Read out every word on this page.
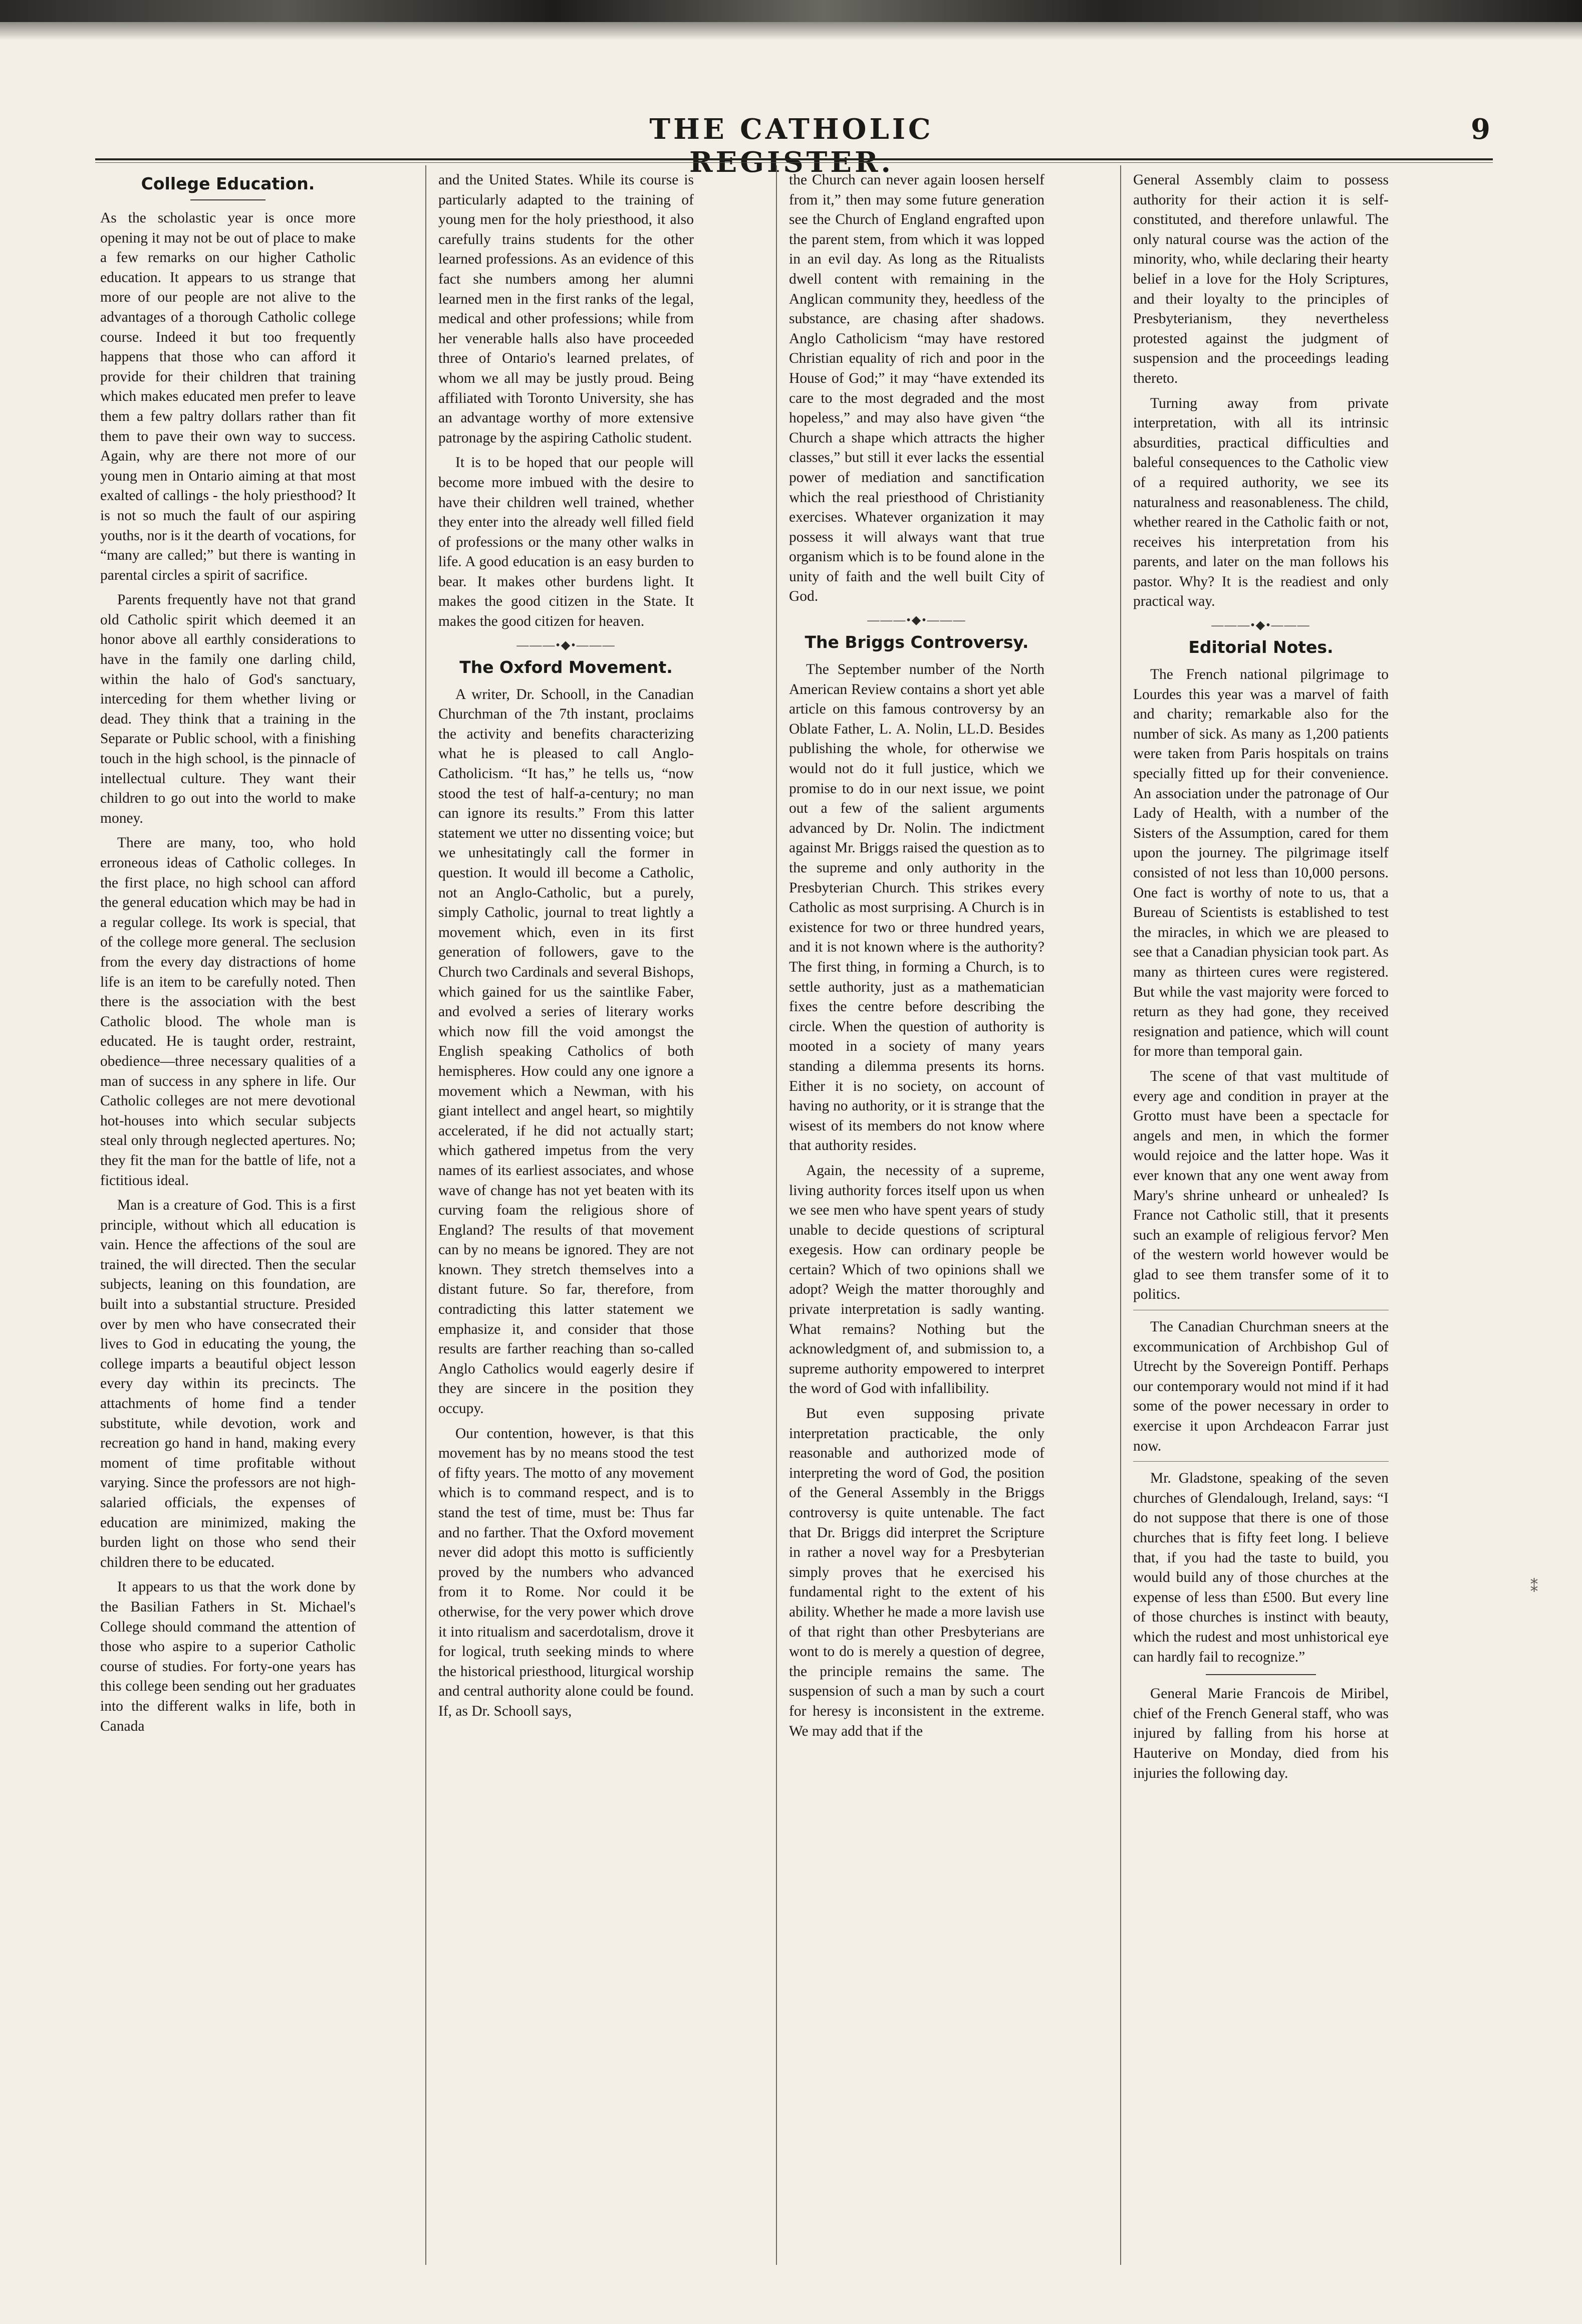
THE CATHOLIC	9
College Education.

As the scholastic year is once more opening it may not be out of place to make a few remarks on our higher Catholic education. It appears to us strange that more of our people are not alive to the advantages of a thorough Catholic college course. Indeed it but too frequently happens that those who can afford it provide for their children that training which makes educated men prefer to leave them a few paltry dollars rather than fit them to pave their own way to success. Again, why are there not more of our young men in Ontario aiming at that most exalted of callings - the holy priesthood? It is not so much the fault of our aspiring youths, nor is it the dearth of vocations, for “many are called;” but there is wanting in parental circles a spirit of sacrifice.

Parents frequently have not that grand old Catholic spirit which deemed it an honor above all earthly considerations to have in the family one darling child, within the halo of God's sanctuary, interceding for them whether living or dead. They think that a training in the Separate or Public school, with a finishing touch in the high school, is the pinnacle of intellectual culture. They want their children to go out into the world to make money.

There are many, too, who hold erroneous ideas of Catholic colleges. In the first place, no high school can afford the general education which may be had in a regular college. Its work is special, that of the college more general. The seclusion from the every day distractions of home life is an item to be carefully noted. Then there is the association with the best Catholic blood. The whole man is educated. He is taught order, restraint, obedience—three necessary qualities of a man of success in any sphere in life. Our Catholic colleges are not mere devotional hot-houses into which secular subjects steal only through neglected apertures. No; they fit the man for the battle of life, not a fictitious ideal.

Man is a creature of God. This is a first principle, without which all education is vain. Hence the affections of the soul are trained, the will directed. Then the secular subjects, leaning on this foundation, are built into a substantial structure. Presided over by men who have consecrated their lives to God in educating the young, the college imparts a beautiful object lesson every day within its precincts. The attachments of home find a tender substitute, while devotion, work and recreation go hand in hand, making every moment of time profitable without varying. Since the professors are not high-salaried officials, the expenses of education are minimized, making the burden light on those who send their children there to be educated.

It appears to us that the work done by the Basilian Fathers in St. Michael's College should command the attention of those who aspire to a superior Catholic course of studies. For forty-one years has this college been sending out her graduates into the different walks in life, both in Canada

and the United States. While its course is particularly adapted to the training of young men for the holy priesthood, it also carefully trains students for the other learned professions. As an evidence of this fact she numbers among her alumni learned men in the first ranks of the legal, medical and other professions; while from her venerable halls also have proceeded three of Ontario's learned prelates, of whom we all may be justly proud. Being affiliated with Toronto University, she has an advantage worthy of more extensive patronage by the aspiring Catholic student.

It is to be hoped that our people will become more imbued with the desire to have their children well trained, whether they enter into the already well filled field of professions or the many other walks in life. A good education is an easy burden to bear. It makes other burdens light. It makes the good citizen in the State. It makes the good citizen for heaven.

———•◆•———
The Oxford Movement.

A writer, Dr. Schooll, in the Canadian Churchman of the 7th instant, proclaims the activity and benefits characterizing what he is pleased to call Anglo-Catholicism. “It has,” he tells us, “now stood the test of half-a-century; no man can ignore its results.” From this latter statement we utter no dissenting voice; but we unhesitatingly call the former in question. It would ill become a Catholic, not an Anglo-Catholic, but a purely, simply Catholic, journal to treat lightly a movement which, even in its first generation of followers, gave to the Church two Cardinals and several Bishops, which gained for us the saintlike Faber, and evolved a series of literary works which now fill the void amongst the English speaking Catholics of both hemispheres. How could any one ignore a movement which a Newman, with his giant intellect and angel heart, so mightily accelerated, if he did not actually start; which gathered impetus from the very names of its earliest associates, and whose wave of change has not yet beaten with its curving foam the religious shore of England? The results of that movement can by no means be ignored. They are not known. They stretch themselves into a distant future. So far, therefore, from contradicting this latter statement we emphasize it, and consider that those results are farther reaching than so-called Anglo Catholics would eagerly desire if they are sincere in the position they occupy.

Our contention, however, is that this movement has by no means stood the test of fifty years. The motto of any movement which is to command respect, and is to stand the test of time, must be: Thus far and no farther. That the Oxford movement never did adopt this motto is sufficiently proved by the numbers who advanced from it to Rome. Nor could it be otherwise, for the very power which drove it into ritualism and sacerdotalism, drove it for logical, truth seeking minds to where the historical priesthood, liturgical worship and central authority alone could be found. If, as Dr. Schooll says,

the Church can never again loosen herself from it,” then may some future generation see the Church of England engrafted upon the parent stem, from which it was lopped in an evil day. As long as the Ritualists dwell content with remaining in the Anglican community they, heedless of the substance, are chasing after shadows. Anglo Catholicism “may have restored Christian equality of rich and poor in the House of God;” it may “have extended its care to the most degraded and the most hopeless,” and may also have given “the Church a shape which attracts the higher classes,” but still it ever lacks the essential power of mediation and sanctification which the real priesthood of Christianity exercises. Whatever organization it may possess it will always want that true organism which is to be found alone in the unity of faith and the well built City of God.

———•◆•———
The Briggs Controversy.

The September number of the North American Review contains a short yet able article on this famous controversy by an Oblate Father, L. A. Nolin, LL.D. Besides publishing the whole, for otherwise we would not do it full justice, which we promise to do in our next issue, we point out a few of the salient arguments advanced by Dr. Nolin. The indictment against Mr. Briggs raised the question as to the supreme and only authority in the Presbyterian Church. This strikes every Catholic as most surprising. A Church is in existence for two or three hundred years, and it is not known where is the authority? The first thing, in forming a Church, is to settle authority, just as a mathematician fixes the centre before describing the circle. When the question of authority is mooted in a society of many years standing a dilemma presents its horns. Either it is no society, on account of having no authority, or it is strange that the wisest of its members do not know where that authority resides.

Again, the necessity of a supreme, living authority forces itself upon us when we see men who have spent years of study unable to decide questions of scriptural exegesis. How can ordinary people be certain? Which of two opinions shall we adopt? Weigh the matter thoroughly and private interpretation is sadly wanting. What remains? Nothing but the acknowledgment of, and submission to, a supreme authority empowered to interpret the word of God with infallibility.

But even supposing private interpretation practicable, the only reasonable and authorized mode of interpreting the word of God, the position of the General Assembly in the Briggs controversy is quite untenable. The fact that Dr. Briggs did interpret the Scripture in rather a novel way for a Presbyterian simply proves that he exercised his fundamental right to the extent of his ability. Whether he made a more lavish use of that right than other Presbyterians are wont to do is merely a question of degree, the principle remains the same. The suspension of such a man by such a court for heresy is inconsistent in the extreme. We may add that if the

General Assembly claim to possess authority for their action it is self-constituted, and therefore unlawful. The only natural course was the action of the minority, who, while declaring their hearty belief in a love for the Holy Scriptures, and their loyalty to the principles of Presbyterianism, they nevertheless protested against the judgment of suspension and the proceedings leading thereto.

Turning away from private interpretation, with all its intrinsic absurdities, practical difficulties and baleful consequences to the Catholic view of a required authority, we see its naturalness and reasonableness. The child, whether reared in the Catholic faith or not, receives his interpretation from his parents, and later on the man follows his pastor. Why? It is the readiest and only practical way.

———•◆•———
Editorial Notes.

The French national pilgrimage to Lourdes this year was a marvel of faith and charity; remarkable also for the number of sick. As many as 1,200 patients were taken from Paris hospitals on trains specially fitted up for their convenience. An association under the patronage of Our Lady of Health, with a number of the Sisters of the Assumption, cared for them upon the journey. The pilgrimage itself consisted of not less than 10,000 persons. One fact is worthy of note to us, that a Bureau of Scientists is established to test the miracles, in which we are pleased to see that a Canadian physician took part. As many as thirteen cures were registered. But while the vast majority were forced to return as they had gone, they received resignation and patience, which will count for more than temporal gain.

The scene of that vast multitude of every age and condition in prayer at the Grotto must have been a spectacle for angels and men, in which the former would rejoice and the latter hope. Was it ever known that any one went away from Mary's shrine unheard or unhealed? Is France not Catholic still, that it presents such an example of religious fervor? Men of the western world however would be glad to see them transfer some of it to politics.

The Canadian Churchman sneers at the excommunication of Archbishop Gul of Utrecht by the Sovereign Pontiff. Perhaps our contemporary would not mind if it had some of the power necessary in order to exercise it upon Archdeacon Farrar just now.

Mr. Gladstone, speaking of the seven churches of Glendalough, Ireland, says: “I do not suppose that there is one of those churches that is fifty feet long. I believe that, if you had the taste to build, you would build any of those churches at the expense of less than £500. But every line of those churches is instinct with beauty, which the rudest and most unhistorical eye can hardly fail to recognize.”

General Marie Francois de Miribel, chief of the French General staff, who was injured by falling from his horse at Hauterive on Monday, died from his injuries the following day.

⁑
